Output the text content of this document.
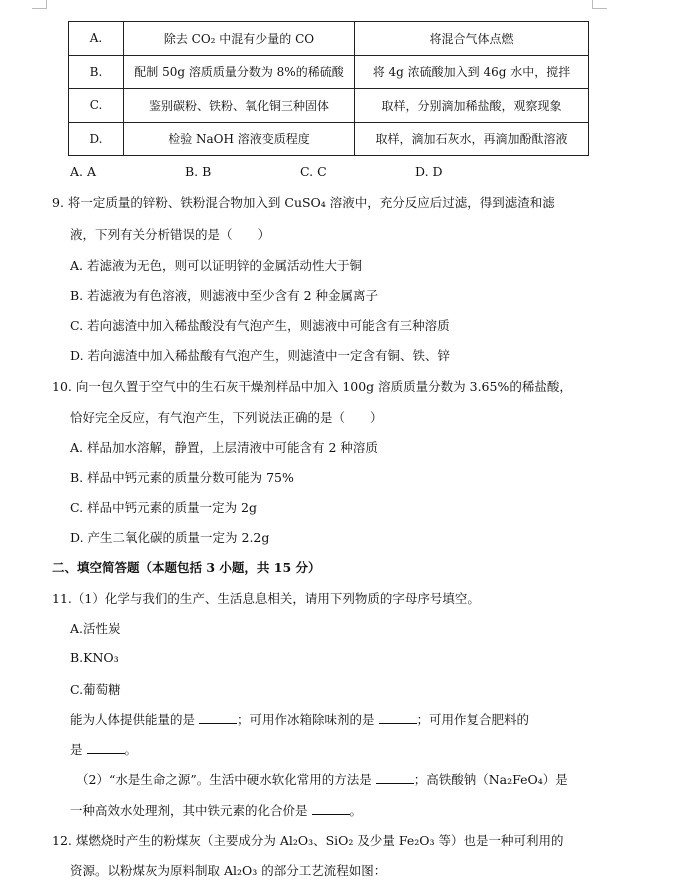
A.	除去 CO₂ 中混有少量的 CO	将混合气体点燃
B.	配制 50g 溶质质量分数为 8%的稀硫酸	将 4g 浓硫酸加入到 46g 水中，搅拌
C.	鉴别碳粉、铁粉、氧化铜三种固体	取样，分别滴加稀盐酸，观察现象
D.	检验 NaOH 溶液变质程度	取样，滴加石灰水，再滴加酚酞溶液
A. A	B. B	C. C	D. D
9. 将一定质量的锌粉、铁粉混合物加入到 CuSO₄ 溶液中，充分反应后过滤，得到滤渣和滤
液，下列有关分析错误的是（　　）
A. 若滤液为无色，则可以证明锌的金属活动性大于铜
B. 若滤液为有色溶液，则滤液中至少含有 2 种金属离子
C. 若向滤渣中加入稀盐酸没有气泡产生，则滤液中可能含有三种溶质
D. 若向滤渣中加入稀盐酸有气泡产生，则滤渣中一定含有铜、铁、锌
10. 向一包久置于空气中的生石灰干燥剂样品中加入 100g 溶质质量分数为 3.65%的稀盐酸，
恰好完全反应，有气泡产生，下列说法正确的是（　　）
A. 样品加水溶解，静置，上层清液中可能含有 2 种溶质
B. 样品中钙元素的质量分数可能为 75%
C. 样品中钙元素的质量一定为 2g
D. 产生二氧化碳的质量一定为 2.2g
二、填空简答题（本题包括 3 小题，共 15 分）
11.（1）化学与我们的生产、生活息息相关，请用下列物质的字母序号填空。
A.活性炭
B.KNO₃
C.葡萄糖
能为人体提供能量的是	；可用作冰箱除味剂的是	；可用作复合肥料的
是	。
（2）“水是生命之源”。生活中硬水软化常用的方法是	；高铁酸钠（Na₂FeO₄）是
一种高效水处理剂，其中铁元素的化合价是	。
12. 煤燃烧时产生的粉煤灰（主要成分为 Al₂O₃、SiO₂ 及少量 Fe₂O₃ 等）也是一种可利用的
资源。以粉煤灰为原料制取 Al₂O₃ 的部分工艺流程如图：
